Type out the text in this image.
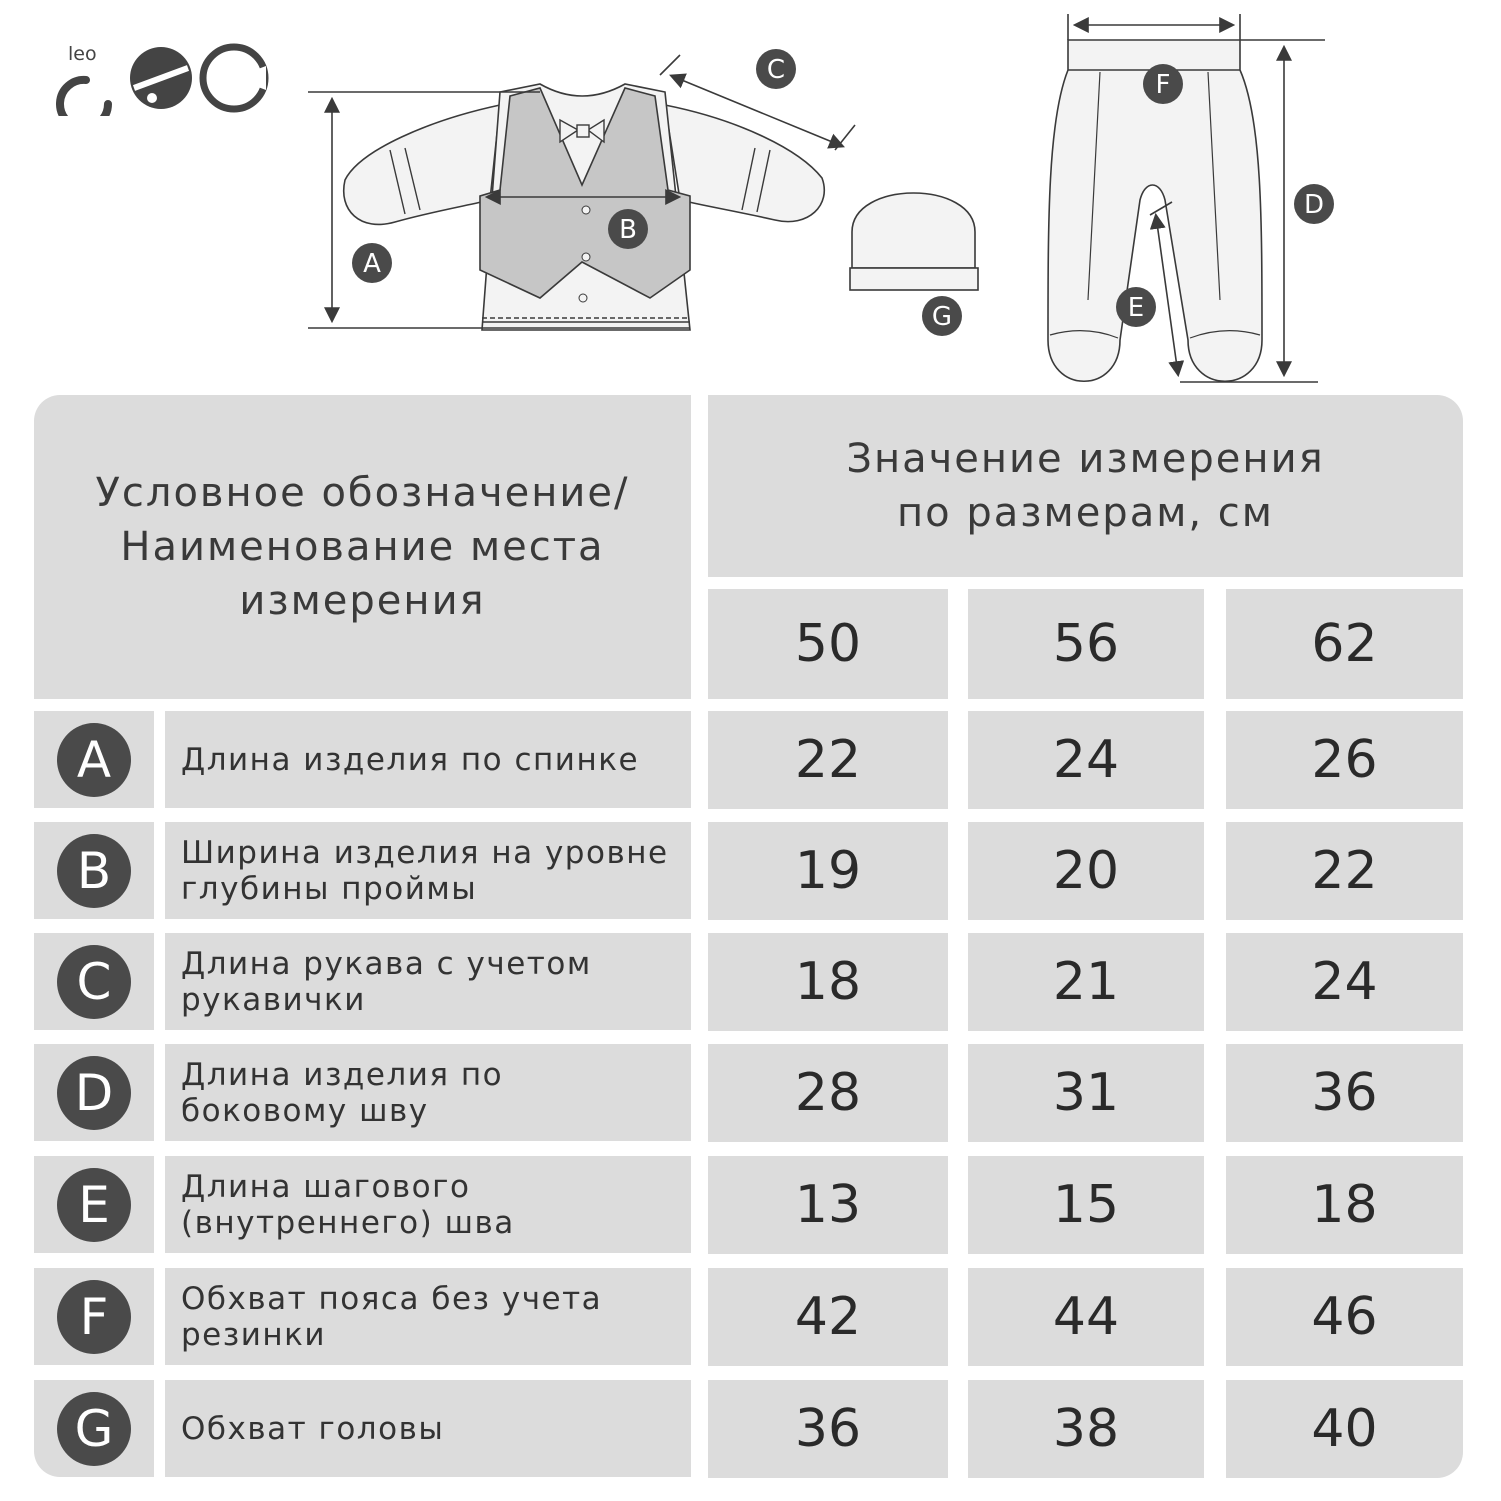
leo
A
B
C
D
E
F
G
Условное обозначение/ Наименование места измерения
Значение измерения по размерам, см
50	56	62
A	Длина изделия по спинке	22	24	26
B	Ширина изделия на уровне глубины проймы	19	20	22
C	Длина рукава с учетом рукавички	18	21	24
D	Длина изделия по боковому шву	28	31	36
E	Длина шагового (внутреннего) шва	13	15	18
F	Обхват пояса без учета резинки	42	44	46
G	Обхват головы	36	38	40
